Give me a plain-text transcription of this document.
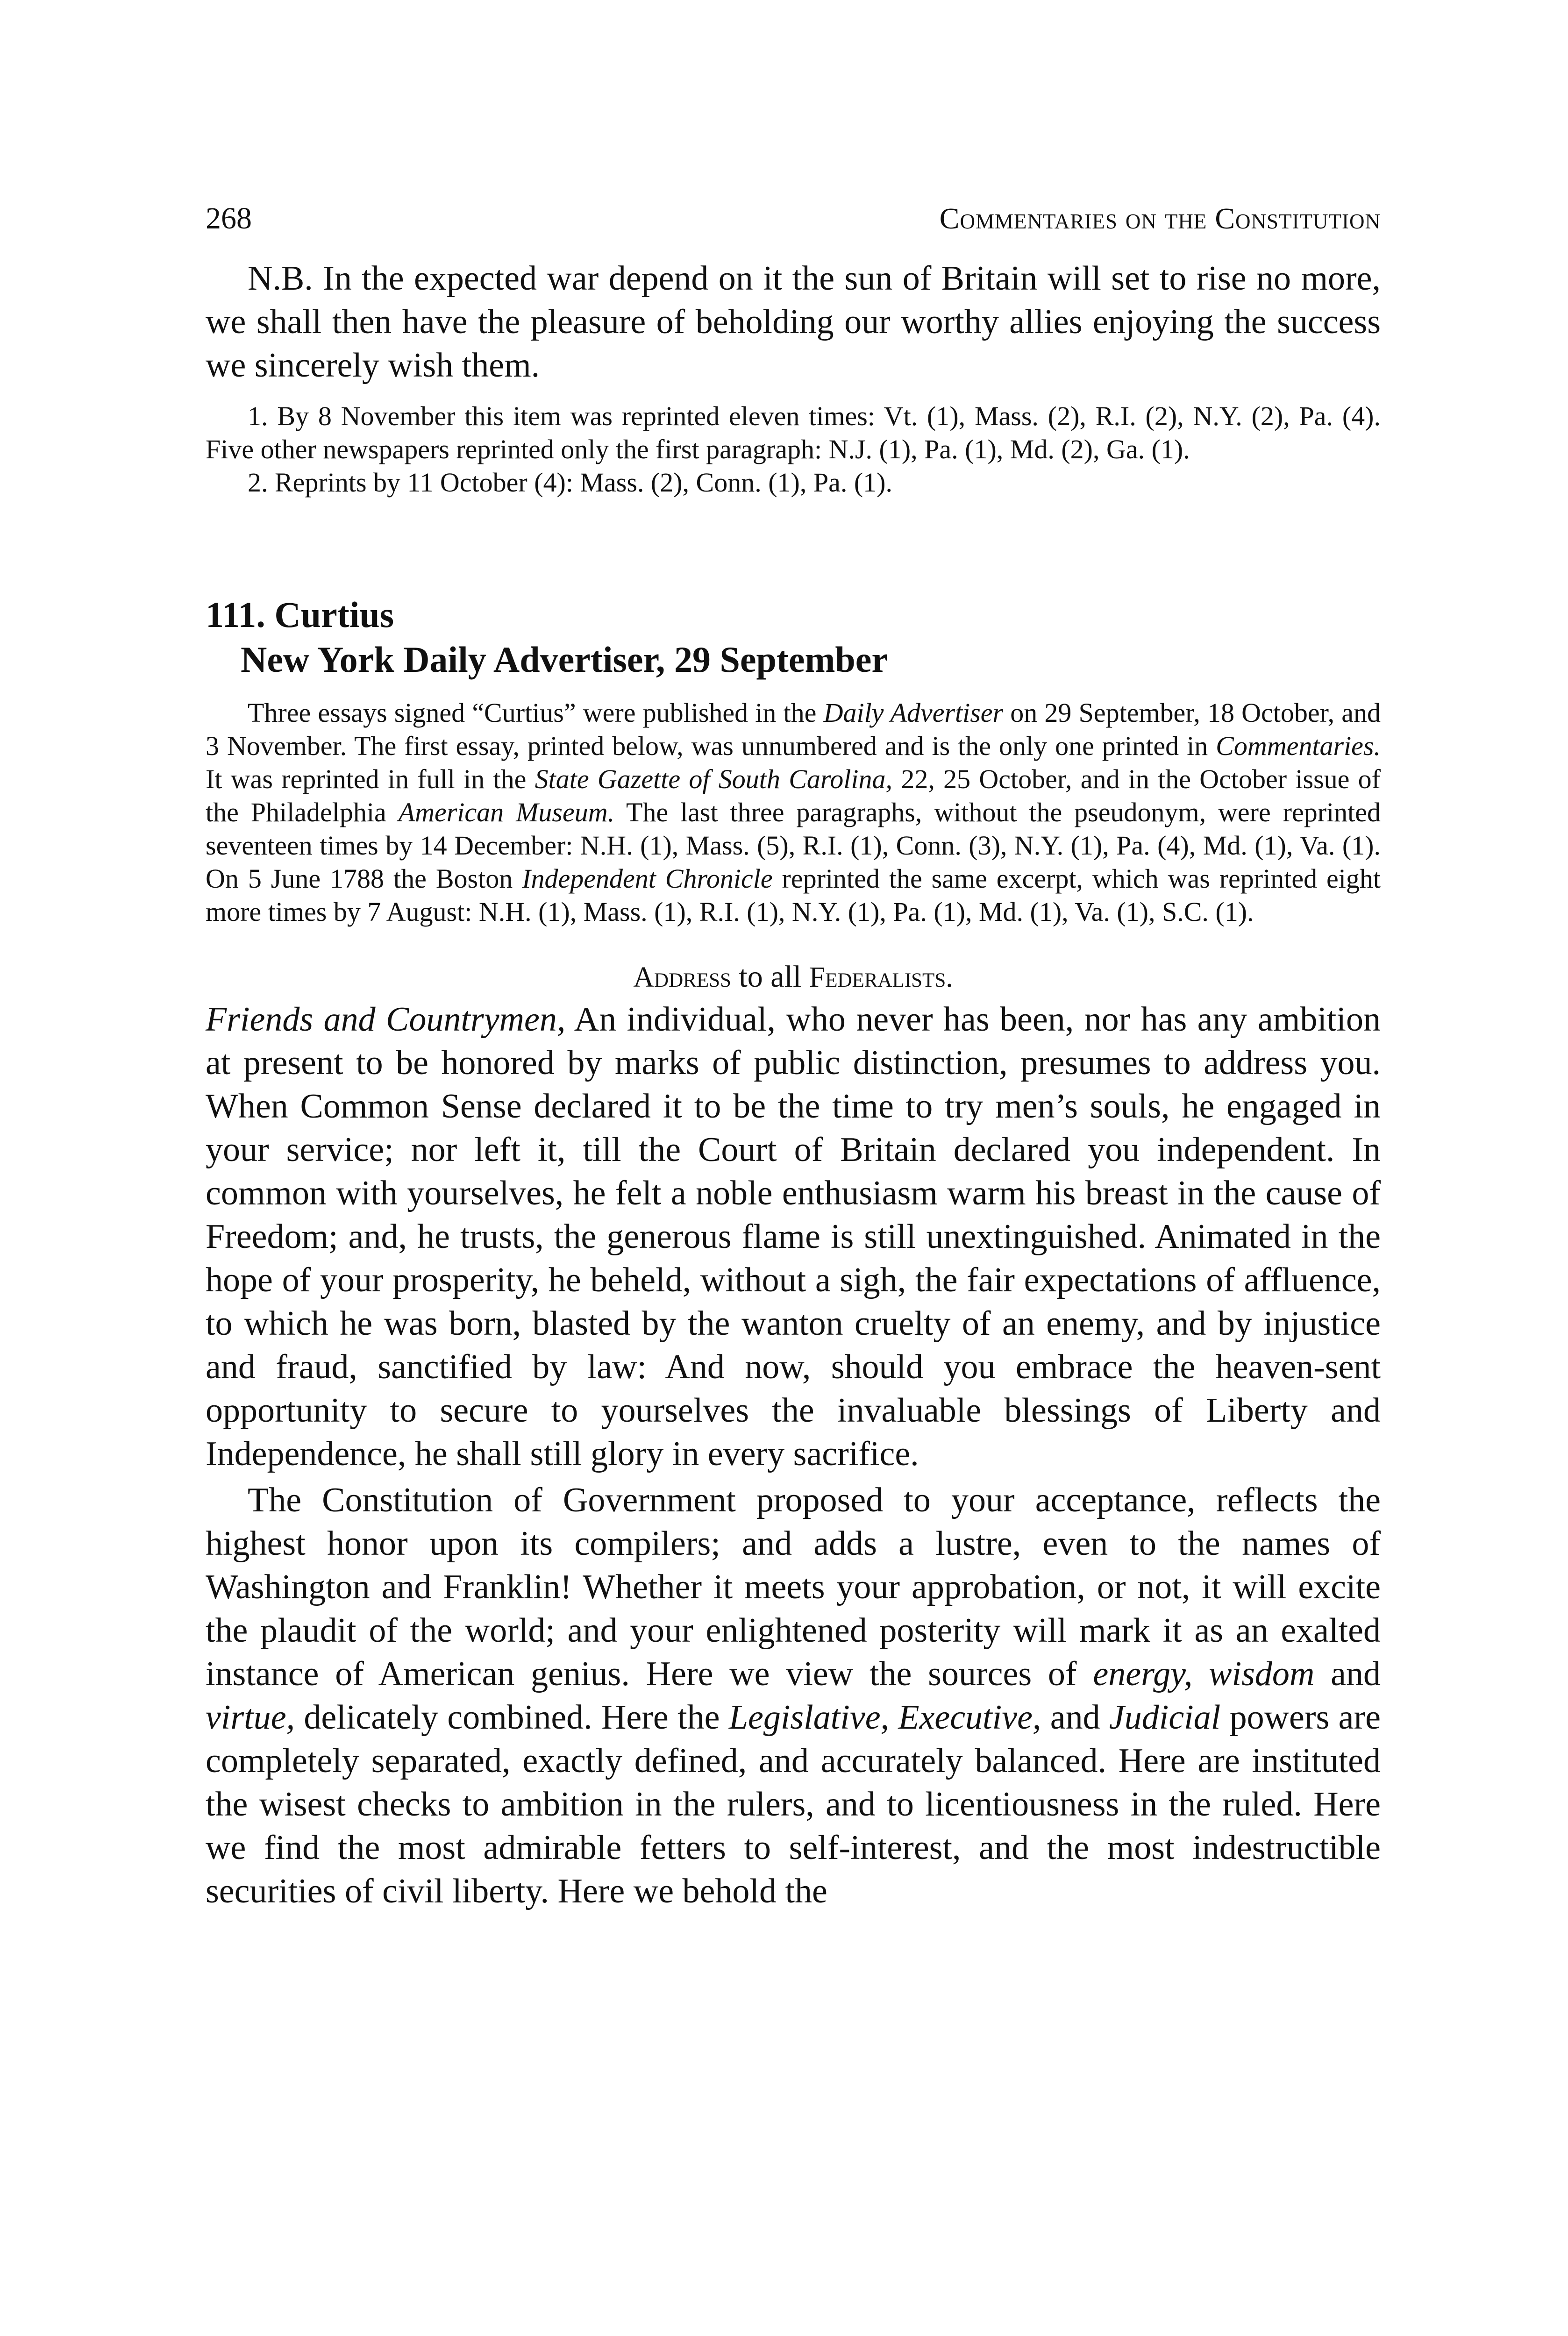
268	Commentaries on the Constitution

N.B. In the expected war depend on it the sun of Britain will set to rise no more, we shall then have the pleasure of beholding our worthy allies enjoying the success we sincerely wish them.

1. By 8 November this item was reprinted eleven times: Vt. (1), Mass. (2), R.I. (2), N.Y. (2), Pa. (4). Five other newspapers reprinted only the first paragraph: N.J. (1), Pa. (1), Md. (2), Ga. (1).

2. Reprints by 11 October (4): Mass. (2), Conn. (1), Pa. (1).

111. Curtius
New York Daily Advertiser, 29 September

Three essays signed “Curtius” were published in the Daily Advertiser on 29 September, 18 October, and 3 November. The first essay, printed below, was unnumbered and is the only one printed in Commentaries. It was reprinted in full in the State Gazette of South Carolina, 22, 25 October, and in the October issue of the Philadelphia American Museum. The last three paragraphs, without the pseudonym, were reprinted seventeen times by 14 December: N.H. (1), Mass. (5), R.I. (1), Conn. (3), N.Y. (1), Pa. (4), Md. (1), Va. (1). On 5 June 1788 the Boston Independent Chronicle reprinted the same excerpt, which was reprinted eight more times by 7 August: N.H. (1), Mass. (1), R.I. (1), N.Y. (1), Pa. (1), Md. (1), Va. (1), S.C. (1).

Address to all Federalists.

Friends and Countrymen, An individual, who never has been, nor has any ambition at present to be honored by marks of public distinction, presumes to address you. When Common Sense declared it to be the time to try men’s souls, he engaged in your service; nor left it, till the Court of Britain declared you independent. In common with yourselves, he felt a noble enthusiasm warm his breast in the cause of Freedom; and, he trusts, the generous flame is still unextinguished. Animated in the hope of your prosperity, he beheld, without a sigh, the fair expectations of affluence, to which he was born, blasted by the wanton cruelty of an enemy, and by injustice and fraud, sanctified by law: And now, should you embrace the heaven-sent opportunity to secure to yourselves the invaluable blessings of Liberty and Independence, he shall still glory in every sacrifice.

The Constitution of Government proposed to your acceptance, reflects the highest honor upon its compilers; and adds a lustre, even to the names of Washington and Franklin! Whether it meets your approbation, or not, it will excite the plaudit of the world; and your enlightened posterity will mark it as an exalted instance of American genius. Here we view the sources of energy, wisdom and virtue, delicately combined. Here the Legislative, Executive, and Judicial powers are completely separated, exactly defined, and accurately balanced. Here are instituted the wisest checks to ambition in the rulers, and to licentiousness in the ruled. Here we find the most admirable fetters to self-interest, and the most indestructible securities of civil liberty. Here we behold the
